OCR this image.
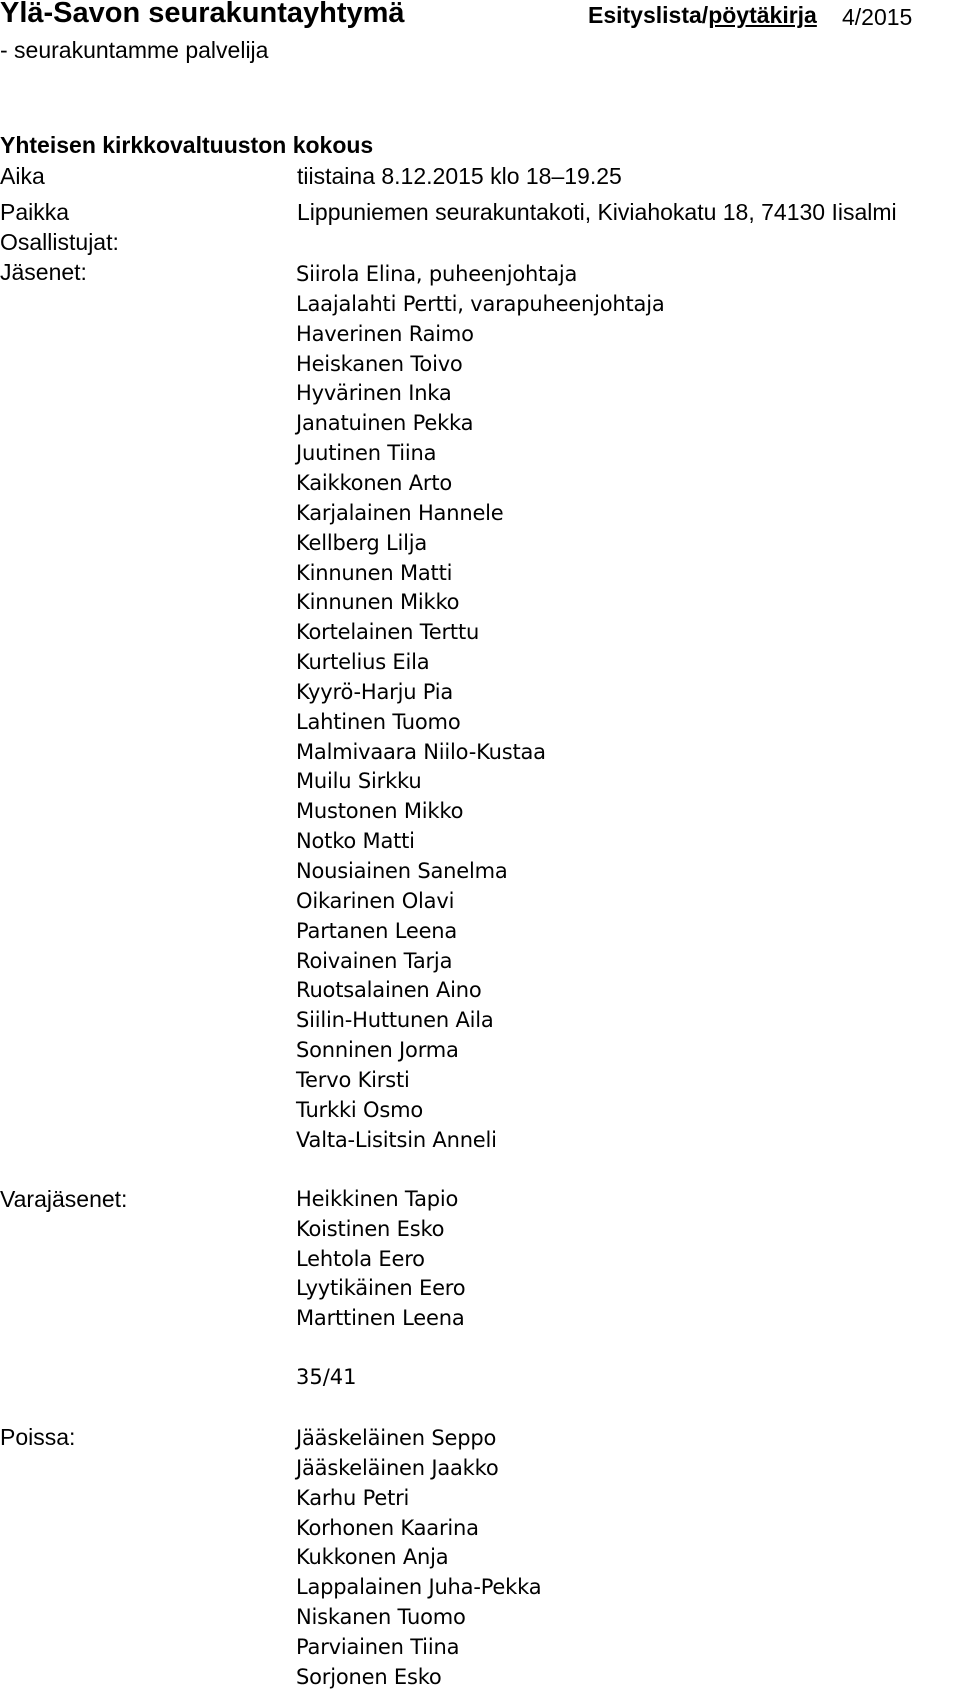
Ylä-Savon seurakuntayhtymä
- seurakuntamme palvelija
Esityslista/pöytäkirja 4/2015
Yhteisen kirkkovaltuuston kokous
Aika	tiistaina 8.12.2015 klo 18–19.25
Paikka	Lippuniemen seurakuntakoti, Kiviahokatu 18, 74130 Iisalmi
Osallistujat:
Jäsenet:	Siirola Elina, puheenjohtaja
Laajalahti Pertti, varapuheenjohtaja
Haverinen Raimo
Heiskanen Toivo
Hyvärinen Inka
Janatuinen Pekka
Juutinen Tiina
Kaikkonen Arto
Karjalainen Hannele
Kellberg Lilja
Kinnunen Matti
Kinnunen Mikko
Kortelainen Terttu
Kurtelius Eila
Kyyrö-Harju Pia
Lahtinen Tuomo
Malmivaara Niilo-Kustaa
Muilu Sirkku
Mustonen Mikko
Notko Matti
Nousiainen Sanelma
Oikarinen Olavi
Partanen Leena
Roivainen Tarja
Ruotsalainen Aino
Siilin-Huttunen Aila
Sonninen Jorma
Tervo Kirsti
Turkki Osmo
Valta-Lisitsin Anneli
Varajäsenet:	Heikkinen Tapio
Koistinen Esko
Lehtola Eero
Lyytikäinen Eero
Marttinen Leena
35/41
Poissa:	Jääskeläinen Seppo
Jääskeläinen Jaakko
Karhu Petri
Korhonen Kaarina
Kukkonen Anja
Lappalainen Juha-Pekka
Niskanen Tuomo
Parviainen Tiina
Sorjonen Esko
